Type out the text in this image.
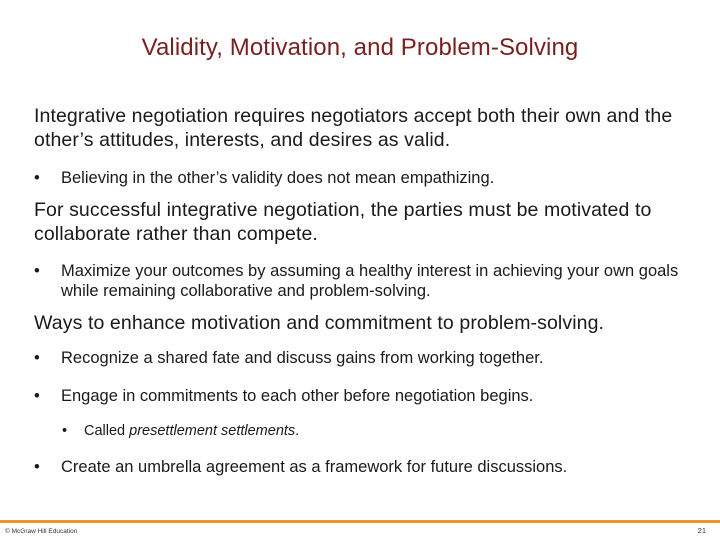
Validity, Motivation, and Problem-Solving
Integrative negotiation requires negotiators accept both their own and the other’s attitudes, interests, and desires as valid.
• Believing in the other’s validity does not mean empathizing.
For successful integrative negotiation, the parties must be motivated to collaborate rather than compete.
• Maximize your outcomes by assuming a healthy interest in achieving your own goals while remaining collaborative and problem-solving.
Ways to enhance motivation and commitment to problem-solving.
• Recognize a shared fate and discuss gains from working together.
• Engage in commitments to each other before negotiation begins.
• Called presettlement settlements.
• Create an umbrella agreement as a framework for future discussions.
© McGraw Hill Education	21
